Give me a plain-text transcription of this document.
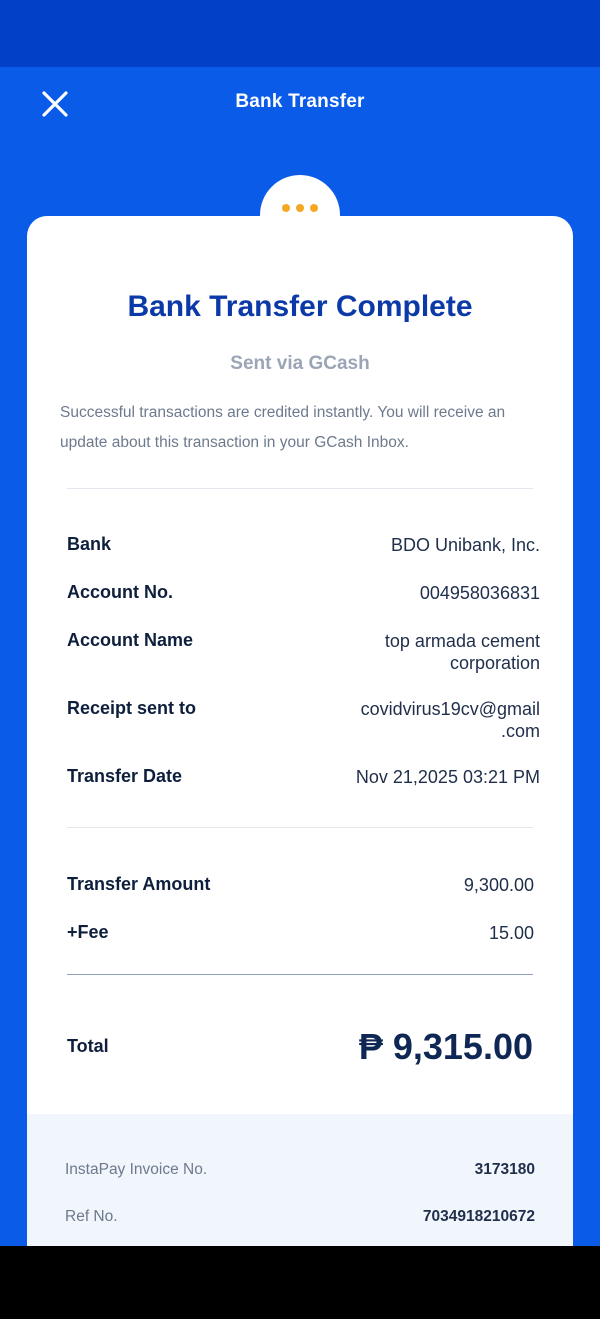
Bank Transfer
Bank Transfer Complete
Sent via GCash
Successful transactions are credited instantly. You will receive an update about this transaction in your GCash Inbox.
Bank	BDO Unibank, Inc.
Account No.	004958036831
Account Name	top armada cement
corporation
Receipt sent to	covidvirus19cv@gmail
.com
Transfer Date	Nov 21,2025 03:21 PM
Transfer Amount	9,300.00
+Fee	15.00
Total	₱ 9,315.00
InstaPay Invoice No.	3173180
Ref No.	7034918210672
